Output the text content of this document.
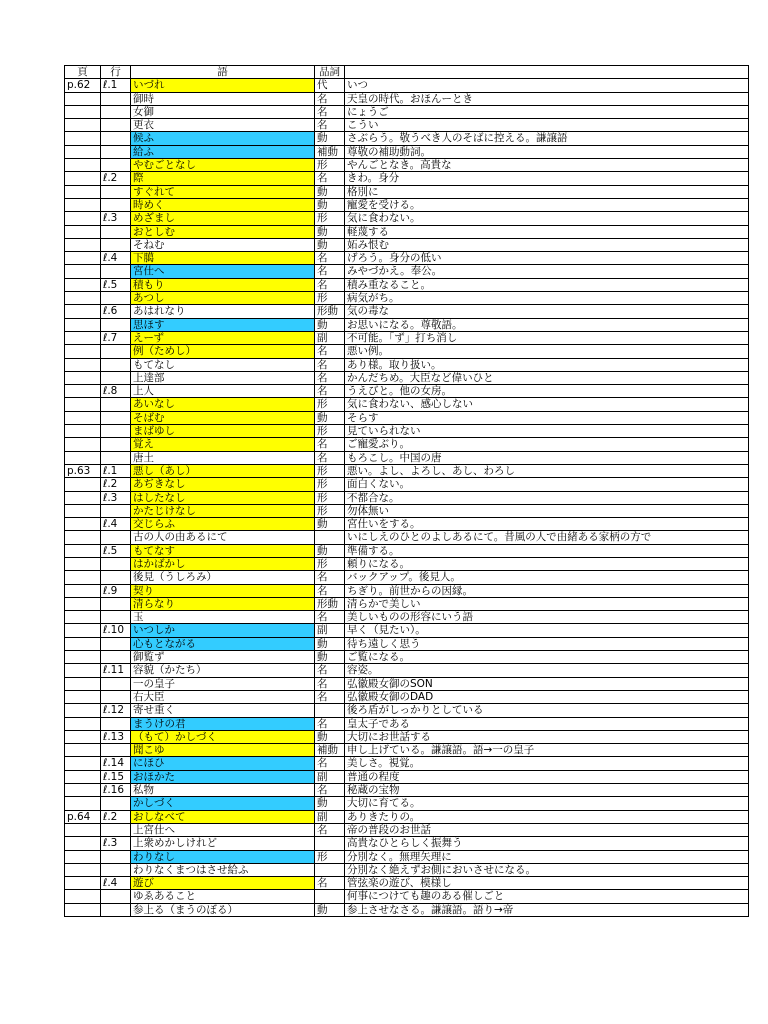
頁	行	語	品詞	
p.62	ℓ.1	いづれ	代	いつ
		御時	名	天皇の時代。おほんーとき
		女御	名	にょうご
		更衣	名	こうい
		候ふ	動	さぶらう。敬うべき人のそばに控える。謙譲語
		給ふ	補動	尊敬の補助動詞。
		やむごとなし	形	やんごとなき。高貴な
	ℓ.2	際	名	きわ。身分
		すぐれて	動	格別に
		時めく	動	寵愛を受ける。
	ℓ.3	めざまし	形	気に食わない。
		おとしむ	動	軽蔑する
		そねむ	動	妬み恨む
	ℓ.4	下臈	名	げろう。身分の低い
		宮仕へ	名	みやづかえ。奉公。
	ℓ.5	積もり	名	積み重なること。
		あつし	形	病気がち。
	ℓ.6	あはれなり	形動	気の毒な
		思ほす	動	お思いになる。尊敬語。
	ℓ.7	えーず	副	不可能。「ず」打ち消し
		例（ためし）	名	悪い例。
		もてなし	名	あり様。取り扱い。
		上達部	名	かんだちめ。大臣など偉いひと
	ℓ.8	上人	名	うえびと。他の女房。
		あいなし	形	気に食わない、感心しない
		そばむ	動	そらす
		まばゆし	形	見ていられない
		覚え	名	ご寵愛ぶり。
		唐土	名	もろこし。中国の唐
p.63	ℓ.1	悪し（あし）	形	悪い。よし、よろし、あし、わろし
	ℓ.2	あぢきなし	形	面白くない。
	ℓ.3	はしたなし	形	不都合な。
		かたじけなし	形	勿体無い
	ℓ.4	交じらふ	動	宮仕いをする。
		古の人の由あるにて		いにしえのひとのよしあるにて。昔風の人で由緒ある家柄の方で
	ℓ.5	もてなす	動	準備する。
		はかばかし	形	頼りになる。
		後見（うしろみ）	名	バックアップ。後見人。
	ℓ.9	契り	名	ちぎり。前世からの因縁。
		清らなり	形動	清らかで美しい
		玉	名	美しいものの形容にいう語
	ℓ.10	いつしか	副	早く（見たい）。
		心もとながる	動	待ち遠しく思う
		御覧ず	動	ご覧になる。
	ℓ.11	容貌（かたち）	名	容姿。
		一の皇子	名	弘徽殿女御のSON
		右大臣	名	弘徽殿女御のDAD
	ℓ.12	寄せ重く		後ろ盾がしっかりとしている
		まうけの君	名	皇太子である
	ℓ.13	（もて）かしづく	動	大切にお世話する
		聞こゆ	補動	申し上げている。謙譲語。語→一の皇子
	ℓ.14	にほひ	名	美しさ。視覚。
	ℓ.15	おほかた	副	普通の程度
	ℓ.16	私物	名	秘蔵の宝物
		かしづく	動	大切に育てる。
p.64	ℓ.2	おしなべて	副	ありきたりの。
		上宮仕へ	名	帝の普段のお世話
	ℓ.3	上衆めかしけれど		高貴なひとらしく振舞う
		わりなし	形	分別なく。無理矢理に
		わりなくまつはさせ給ふ		分別なく絶えずお側においさせになる。
	ℓ.4	遊び	名	管弦楽の遊び、模様し
		ゆゑあること		何事につけても趣のある催しごと
		参上る（まうのぼる）	動	参上させなさる。謙譲語。語り→帝
